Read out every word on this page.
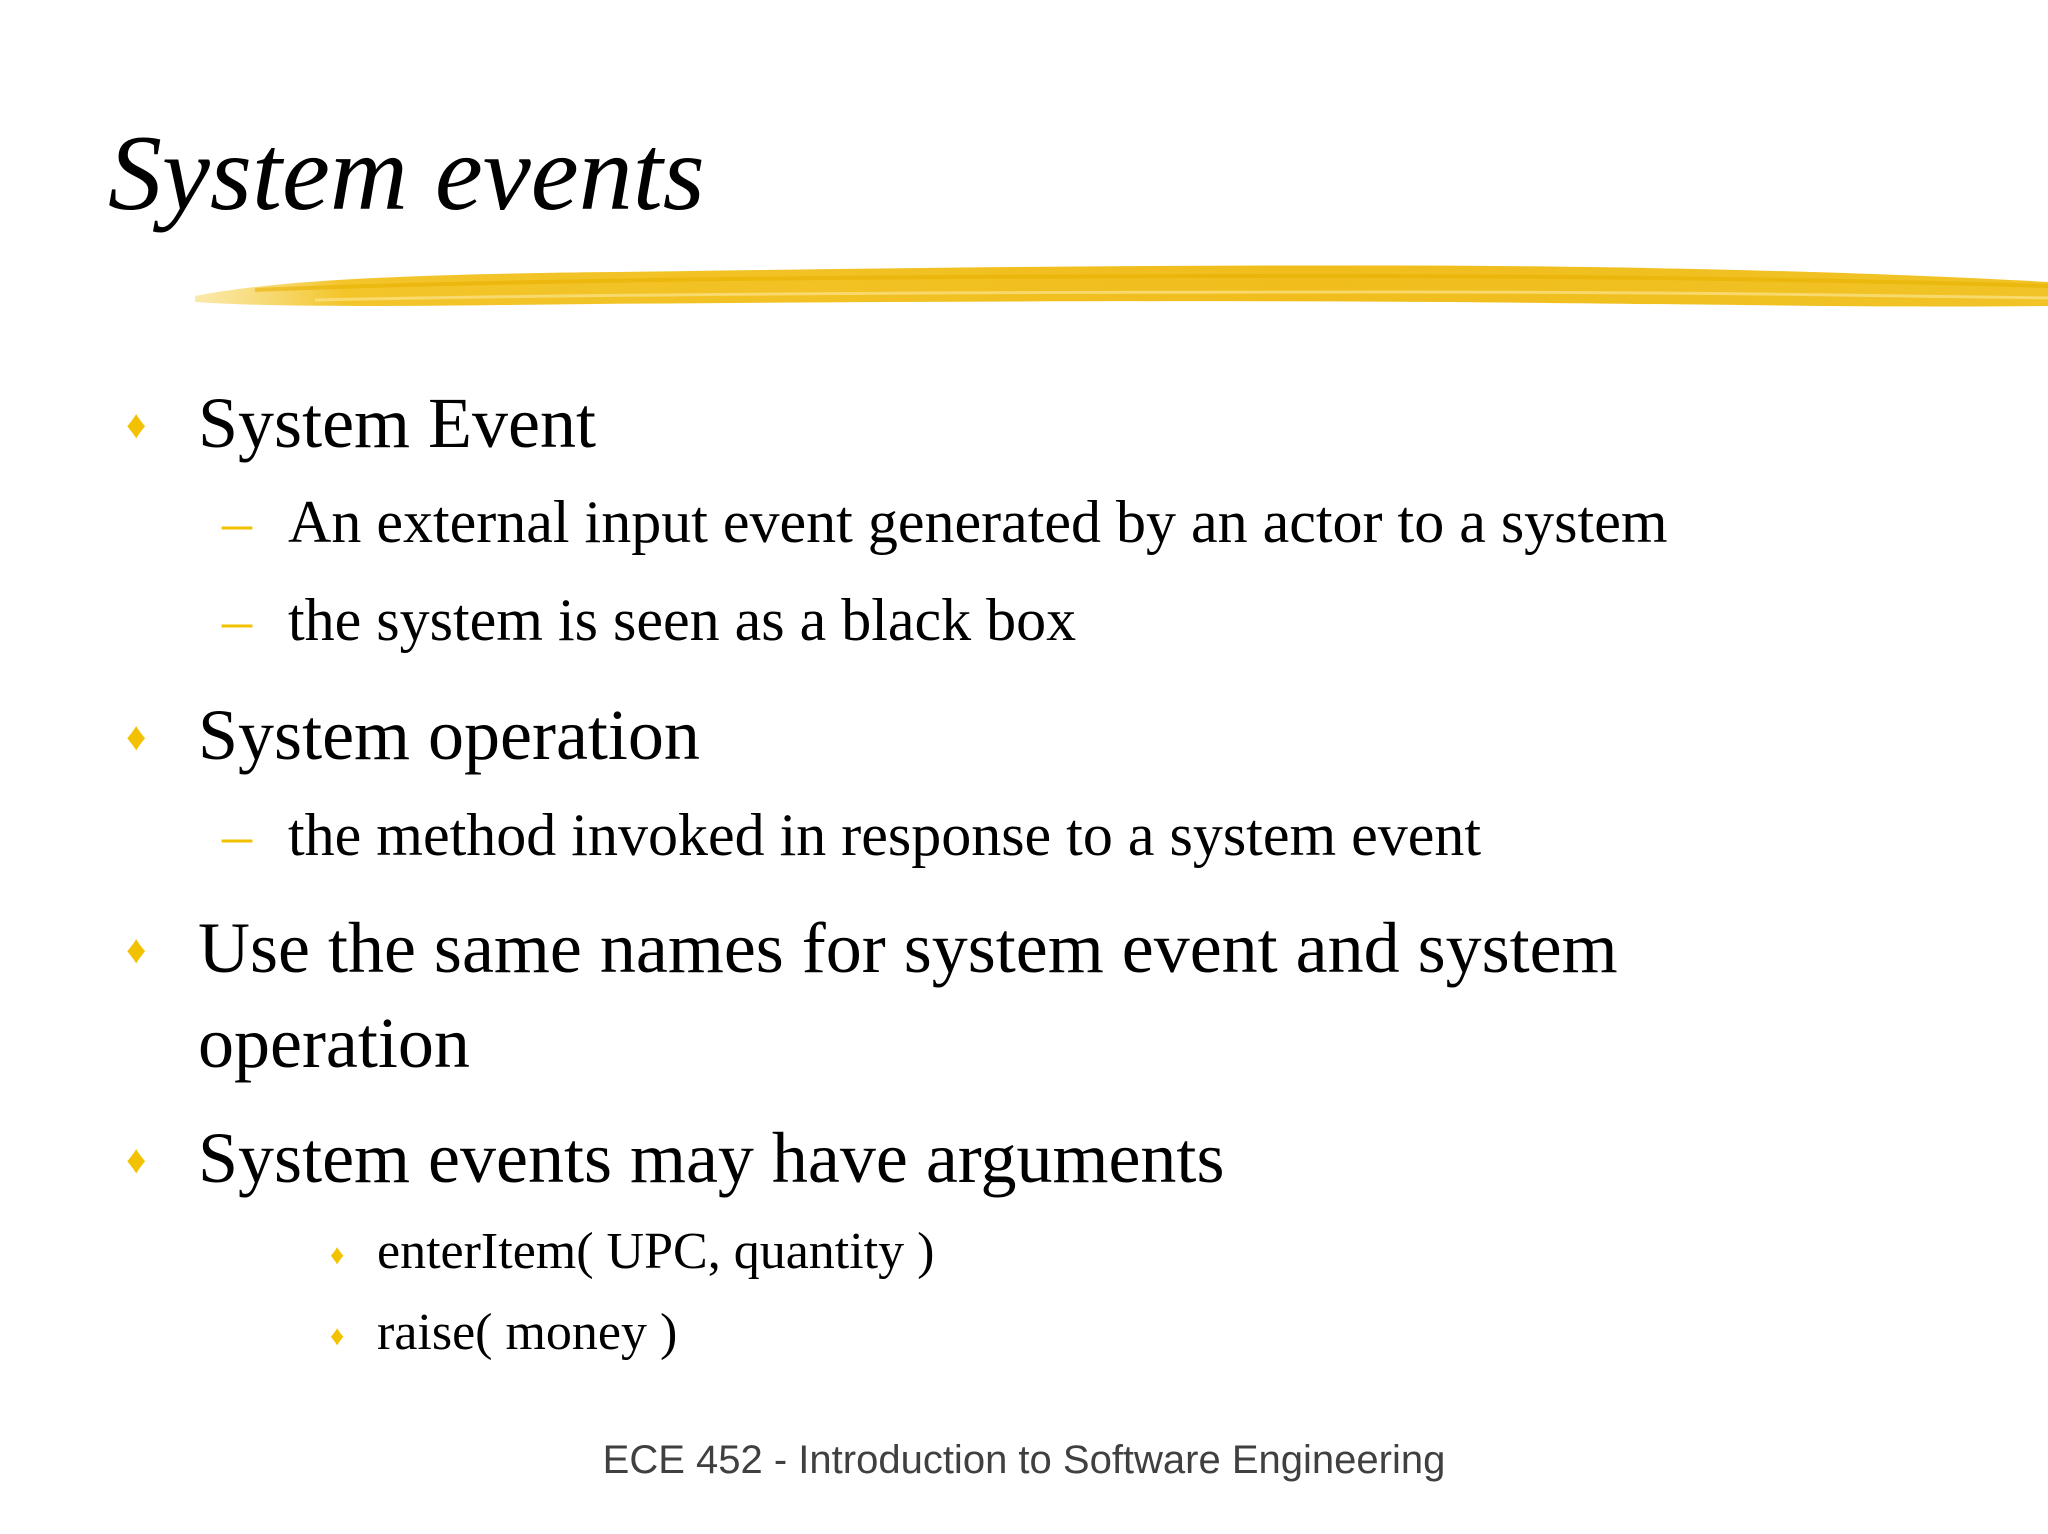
System events
♦ System Event
– An external input event generated by an actor to a system
– the system is seen as a black box
♦ System operation
– the method invoked in response to a system event
♦ Use the same names for system event and system
operation
♦ System events may have arguments
♦ enterItem( UPC, quantity )
♦ raise( money )
ECE 452 - Introduction to Software Engineering
